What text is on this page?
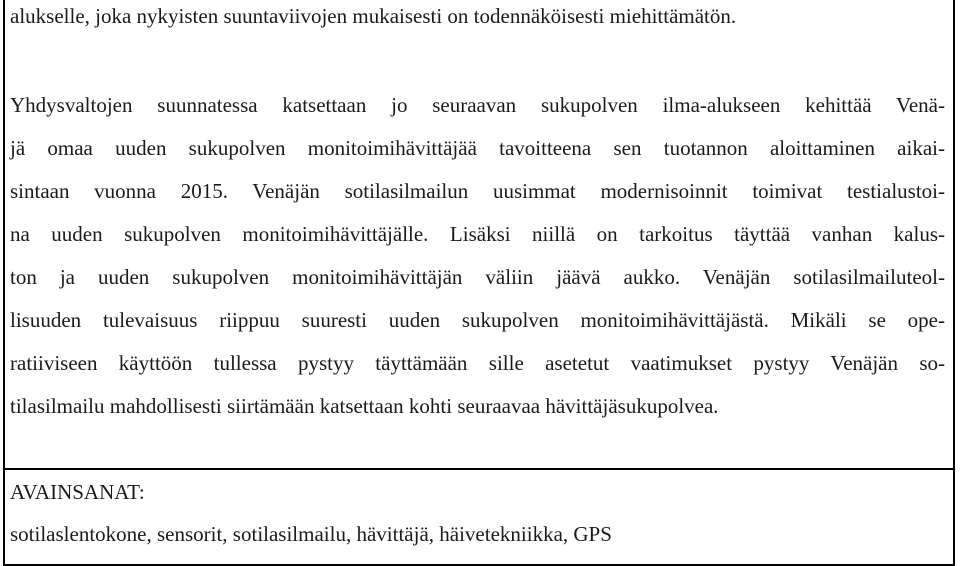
alukselle, joka nykyisten suuntaviivojen mukaisesti on todennäköisesti miehittämätön.
Yhdysvaltojen suunnatessa katsettaan jo seuraavan sukupolven ilma-alukseen kehittää Venä-
jä omaa uuden sukupolven monitoimihävittäjää tavoitteena sen tuotannon aloittaminen aikai-
sintaan vuonna 2015. Venäjän sotilasilmailun uusimmat modernisoinnit toimivat testialustoi-
na uuden sukupolven monitoimihävittäjälle. Lisäksi niillä on tarkoitus täyttää vanhan kalus-
ton ja uuden sukupolven monitoimihävittäjän väliin jäävä aukko. Venäjän sotilasilmailuteol-
lisuuden tulevaisuus riippuu suuresti uuden sukupolven monitoimihävittäjästä. Mikäli se ope-
ratiiviseen käyttöön tullessa pystyy täyttämään sille asetetut vaatimukset pystyy Venäjän so-
tilasilmailu mahdollisesti siirtämään katsettaan kohti seuraavaa hävittäjäsukupolvea.
AVAINSANAT:
sotilaslentokone, sensorit, sotilasilmailu, hävittäjä, häivetekniikka, GPS
